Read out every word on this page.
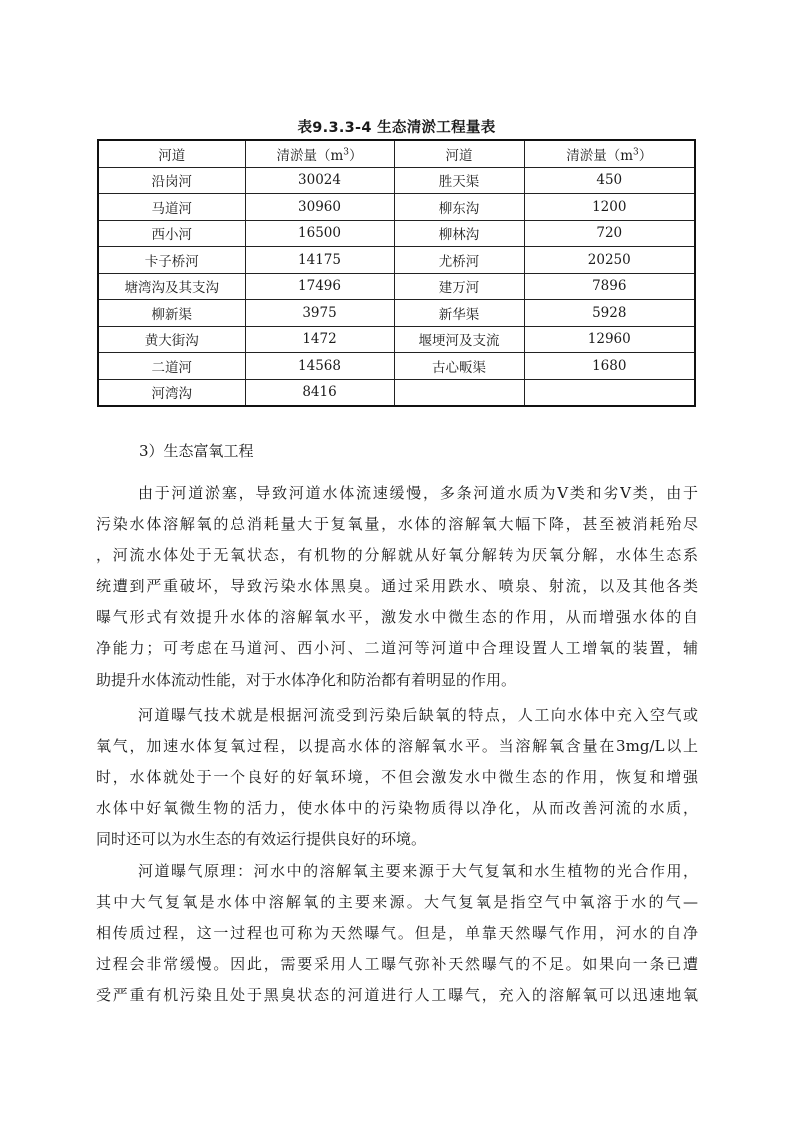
表9.3.3-4 生态清淤工程量表
河道	清淤量$(m^3)$	河道	清淤量$(m^3)$
沿岗河	30024	胜天渠	450
马道河	30960	柳东沟	1200
西小河	16500	柳林沟	720
卡子桥河	14175	尤桥河	20250
塘湾沟及其支沟	17496	建万河	7896
柳新渠	3975	新华渠	5928
黄大街沟	1472	堰埂河及支流	12960
二道河	14568	古心畈渠	1680
河湾沟	8416		
3）生态富氧工程

由于河道淤塞，导致河道水体流速缓慢，多条河道水质为Ⅴ类和劣Ⅴ类，由于
污染水体溶解氧的总消耗量大于复氧量，水体的溶解氧大幅下降，甚至被消耗殆尽
，河流水体处于无氧状态，有机物的分解就从好氧分解转为厌氧分解，水体生态系
统遭到严重破坏，导致污染水体黑臭。通过采用跌水、喷泉、射流，以及其他各类
曝气形式有效提升水体的溶解氧水平，激发水中微生态的作用，从而增强水体的自
净能力；可考虑在马道河、西小河、二道河等河道中合理设置人工增氧的装置，辅
助提升水体流动性能，对于水体净化和防治都有着明显的作用。

河道曝气技术就是根据河流受到污染后缺氧的特点，人工向水体中充入空气或
氧气，加速水体复氧过程，以提高水体的溶解氧水平。当溶解氧含量在3mg/L以上
时，水体就处于一个良好的好氧环境，不但会激发水中微生态的作用，恢复和增强
水体中好氧微生物的活力，使水体中的污染物质得以净化，从而改善河流的水质，
同时还可以为水生态的有效运行提供良好的环境。

河道曝气原理：河水中的溶解氧主要来源于大气复氧和水生植物的光合作用，
其中大气复氧是水体中溶解氧的主要来源。大气复氧是指空气中氧溶于水的气—
相传质过程，这一过程也可称为天然曝气。但是，单靠天然曝气作用，河水的自净
过程会非常缓慢。因此，需要采用人工曝气弥补天然曝气的不足。如果向一条已遭
受严重有机污染且处于黑臭状态的河道进行人工曝气，充入的溶解氧可以迅速地氧
